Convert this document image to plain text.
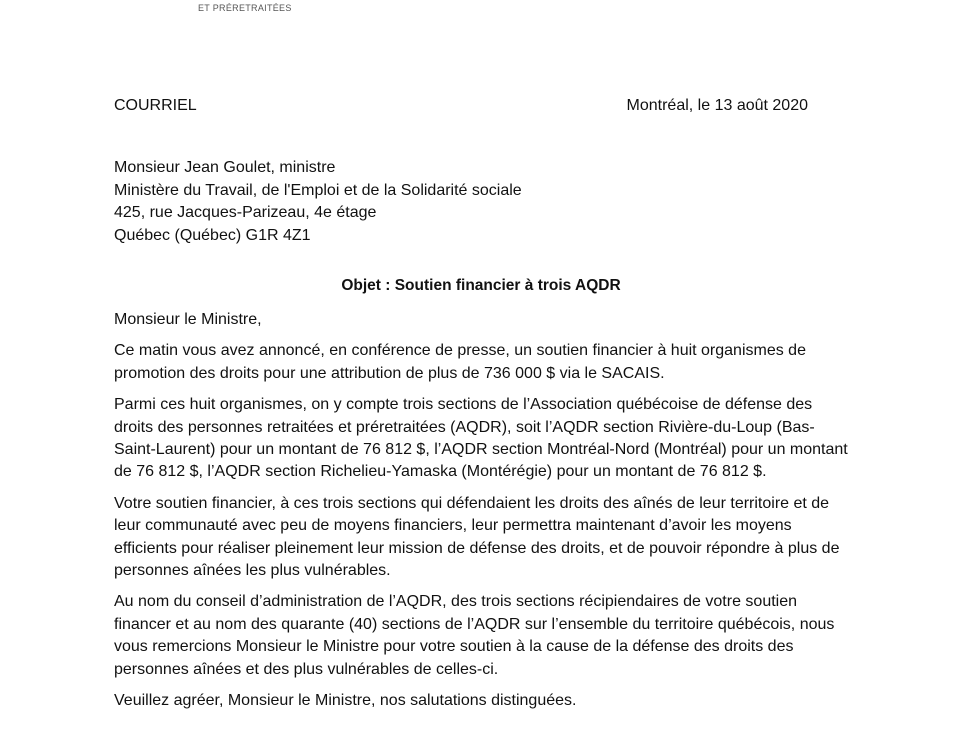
ET PRÉRETRAITÉES
COURRIEL	Montréal, le 13 août 2020
Monsieur Jean Goulet, ministre
Ministère du Travail, de l'Emploi et de la Solidarité sociale
425, rue Jacques-Parizeau, 4e étage
Québec (Québec) G1R 4Z1
Objet : Soutien financier à trois AQDR

Monsieur le Ministre,

Ce matin vous avez annoncé, en conférence de presse, un soutien financier à huit organismes de promotion des droits pour une attribution de plus de 736 000 $ via le SACAIS.

Parmi ces huit organismes, on y compte trois sections de l’Association québécoise de défense des droits des personnes retraitées et préretraitées (AQDR), soit l’AQDR section Rivière-du-Loup (Bas-Saint-Laurent) pour un montant de 76 812 $, l’AQDR section Montréal-Nord (Montréal) pour un montant de 76 812 $, l’AQDR section Richelieu-Yamaska (Montérégie) pour un montant de 76 812 $.

Votre soutien financier, à ces trois sections qui défendaient les droits des aînés de leur territoire et de leur communauté avec peu de moyens financiers, leur permettra maintenant d’avoir les moyens efficients pour réaliser pleinement leur mission de défense des droits, et de pouvoir répondre à plus de personnes aînées les plus vulnérables.

Au nom du conseil d’administration de l’AQDR, des trois sections récipiendaires de votre soutien financer et au nom des quarante (40) sections de l’AQDR sur l’ensemble du territoire québécois, nous vous remercions Monsieur le Ministre pour votre soutien à la cause de la défense des droits des personnes aînées et des plus vulnérables de celles-ci.

Veuillez agréer, Monsieur le Ministre, nos salutations distinguées.
